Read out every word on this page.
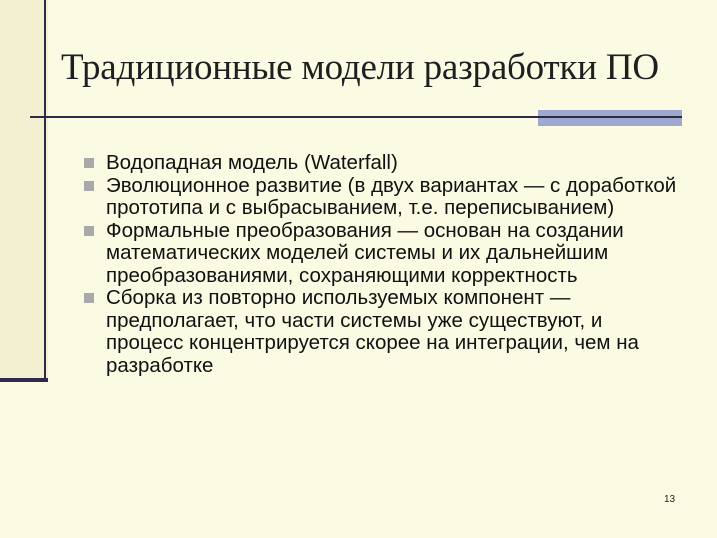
Традиционные модели разработки ПО
Водопадная модель (Waterfall)
Эволюционное развитие (в двух вариантах — с доработкой прототипа и с выбрасыванием, т.е. переписыванием)
Формальные преобразования — основан на создании математических моделей системы и их дальнейшим преобразованиями, сохраняющими корректность
Сборка из повторно используемых компонент — предполагает, что части системы уже существуют, и процесс концентрируется скорее на интеграции, чем на разработке
13
